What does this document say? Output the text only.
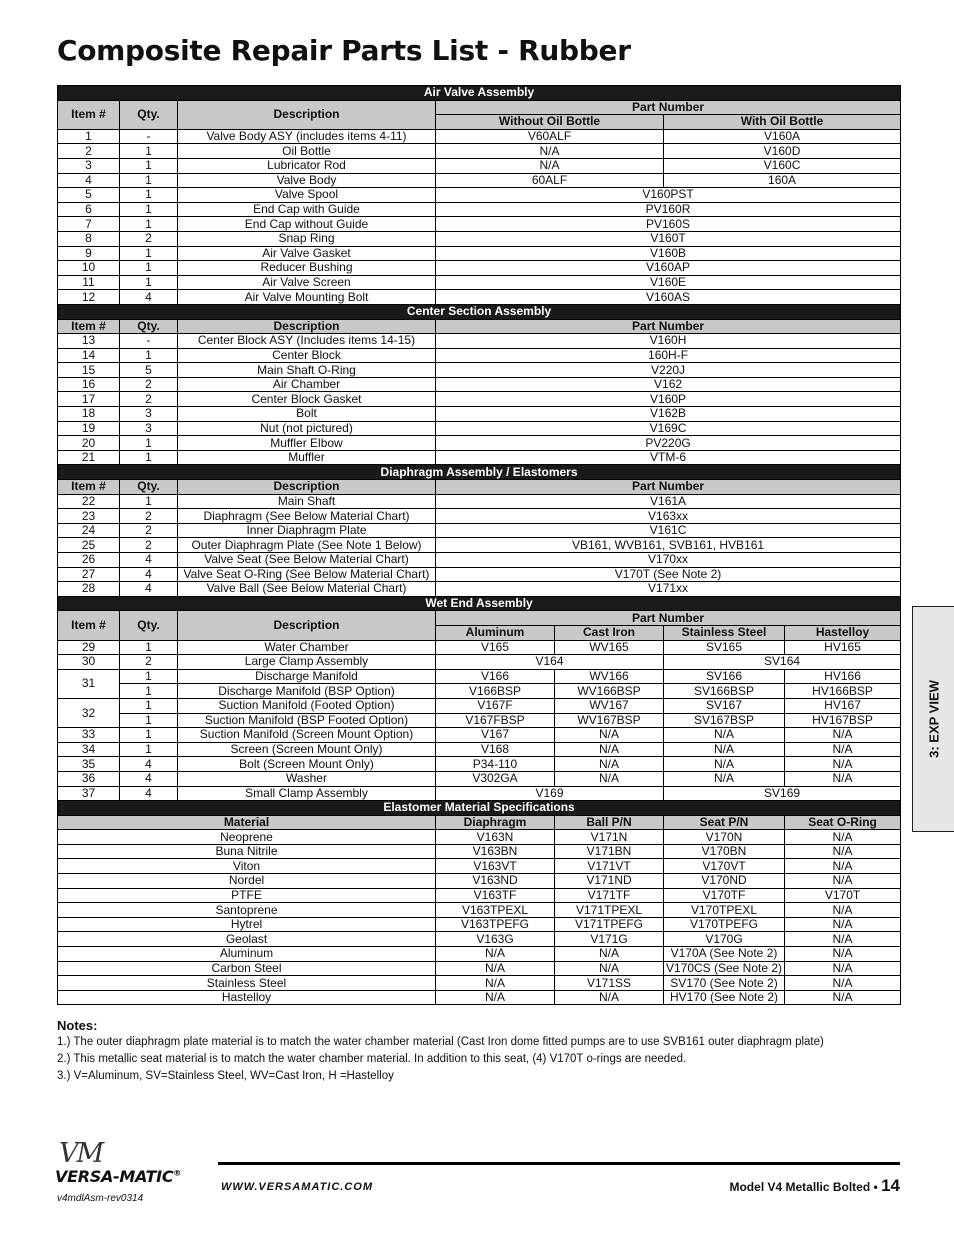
Composite Repair Parts List - Rubber
Air Valve Assembly						
Item #	Qty.	Description	Part Number			
			Without Oil Bottle		With Oil Bottle	
1	-	Valve Body ASY (includes items 4-11)	V60ALF		V160A	
2	1	Oil Bottle	N/A		V160D	
3	1	Lubricator Rod	N/A		V160C	
4	1	Valve Body	60ALF		160A	
5	1	Valve Spool	V160PST			
6	1	End Cap with Guide	PV160R			
7	1	End Cap without Guide	PV160S			
8	2	Snap Ring	V160T			
9	1	Air Valve Gasket	V160B			
10	1	Reducer Bushing	V160AP			
11	1	Air Valve Screen	V160E			
12	4	Air Valve Mounting Bolt	V160AS			
Center Section Assembly						
Item #	Qty.	Description	Part Number			
13	-	Center Block ASY (Includes items 14-15)	V160H			
14	1	Center Block	160H-F			
15	5	Main Shaft O-Ring	V220J			
16	2	Air Chamber	V162			
17	2	Center Block Gasket	V160P			
18	3	Bolt	V162B			
19	3	Nut (not pictured)	V169C			
20	1	Muffler Elbow	PV220G			
21	1	Muffler	VTM-6			
Diaphragm Assembly / Elastomers						
Item #	Qty.	Description	Part Number			
22	1	Main Shaft	V161A			
23	2	Diaphragm (See Below Material Chart)	V163xx			
24	2	Inner Diaphragm Plate	V161C			
25	2	Outer Diaphragm Plate (See Note 1 Below)	VB161, WVB161, SVB161, HVB161			
26	4	Valve Seat (See Below Material Chart)	V170xx			
27	4	Valve Seat O-Ring (See Below Material Chart)	V170T (See Note 2)			
28	4	Valve Ball (See Below Material Chart)	V171xx			
Wet End Assembly						
Item #	Qty.	Description	Part Number			
			Aluminum	Cast Iron	Stainless Steel	Hastelloy
29	1	Water Chamber	V165	WV165	SV165	HV165
30	2	Large Clamp Assembly	V164		SV164	
31	1	Discharge Manifold	V166	WV166	SV166	HV166
	1	Discharge Manifold (BSP Option)	V166BSP	WV166BSP	SV166BSP	HV166BSP
32	1	Suction Manifold (Footed Option)	V167F	WV167	SV167	HV167
	1	Suction Manifold (BSP Footed Option)	V167FBSP	WV167BSP	SV167BSP	HV167BSP
33	1	Suction Manifold (Screen Mount Option)	V167	N/A	N/A	N/A
34	1	Screen (Screen Mount Only)	V168	N/A	N/A	N/A
35	4	Bolt (Screen Mount Only)	P34-110	N/A	N/A	N/A
36	4	Washer	V302GA	N/A	N/A	N/A
37	4	Small Clamp Assembly	V169		SV169	
Elastomer Material Specifications						
Material			Diaphragm	Ball P/N	Seat P/N	Seat O-Ring
Neoprene			V163N	V171N	V170N	N/A
Buna Nitrile			V163BN	V171BN	V170BN	N/A
Viton			V163VT	V171VT	V170VT	N/A
Nordel			V163ND	V171ND	V170ND	N/A
PTFE			V163TF	V171TF	V170TF	V170T
Santoprene			V163TPEXL	V171TPEXL	V170TPEXL	N/A
Hytrel			V163TPEFG	V171TPEFG	V170TPEFG	N/A
Geolast			V163G	V171G	V170G	N/A
Aluminum			N/A	N/A	V170A (See Note 2)	N/A
Carbon Steel			N/A	N/A	V170CS (See Note 2)	N/A
Stainless Steel			N/A	V171SS	SV170 (See Note 2)	N/A
Hastelloy			N/A	N/A	HV170 (See Note 2)	N/A
3: EXP VIEW
Notes:
1.) The outer diaphragm plate material is to match the water chamber material (Cast Iron dome fitted pumps are to use SVB161 outer diaphragm plate)
2.) This metallic seat material is to match the water chamber material. In addition to this seat, (4) V170T o-rings are needed.
3.) V=Aluminum, SV=Stainless Steel, WV=Cast Iron, H =Hastelloy
VM
VERSA-MATIC®
v4mdlAsm-rev0314
WWW.VERSAMATIC.COM	Model V4 Metallic Bolted • 14
